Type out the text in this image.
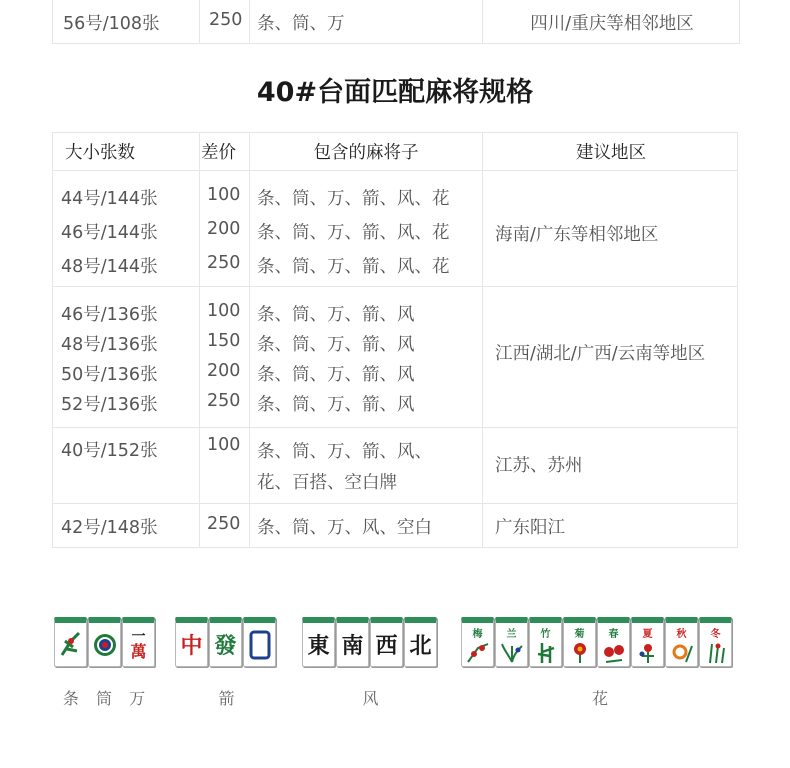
56号/108张	250 条、筒、万	四川/重庆等相邻地区
40#台面匹配麻将规格
大小张数	差价	包含的麻将子	建议地区
44号/144张	100 条、筒、万、箭、风、花
46号/144张	200 条、筒、万、箭、风、花
48号/144张	250 条、筒、万、箭、风、花
海南/广东等相邻地区
46号/136张	100 条、筒、万、箭、风
48号/136张	150 条、筒、万、箭、风
50号/136张	200 条、筒、万、箭、风
52号/136张	250 条、筒、万、箭、风
江西/湖北/广西/云南等地区
40号/152张	100 条、筒、万、箭、风、
花、百搭、空白牌
江苏、苏州
42号/148张	250 条、筒、万、风、空白	广东阳江
一
萬
条 筒 万
中 發
箭
東 南 西 北
风
梅 兰 竹 菊 春 夏 秋 冬
花
